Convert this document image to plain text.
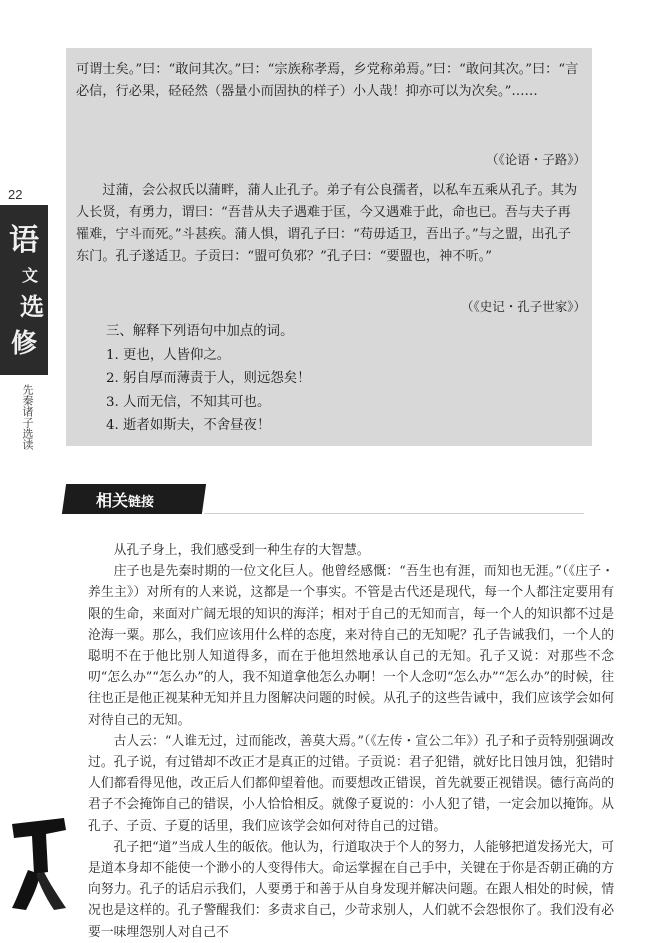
22
语
文
选
修
先秦诸子选读
可谓士矣。”曰：“敢问其次。”曰：“宗族称孝焉，乡党称弟焉。”曰：“敢问其次。”曰：“言必信，行必果，硁硁然（器量小而固执的样子）小人哉！抑亦可以为次矣。”……
（《论语・子路》）
过蒲，会公叔氏以蒲畔，蒲人止孔子。弟子有公良孺者，以私车五乘从孔子。其为人长贤，有勇力，谓曰：“吾昔从夫子遇难于匡，今又遇难于此，命也已。吾与夫子再罹难，宁斗而死。”斗甚疾。蒲人惧，谓孔子曰：“苟毋适卫，吾出子。”与之盟，出孔子东门。孔子遂适卫。子贡曰：“盟可负邪？”孔子曰：“要盟也，神不听。”
（《史记・孔子世家》）
三、解释下列语句中加点的词。
1. 更也，人皆仰之。
2. 躬自厚而薄责于人，则远怨矣！
3. 人而无信，不知其可也。
4. 逝者如斯夫，不舍昼夜！
相关链接

从孔子身上，我们感受到一种生存的大智慧。

庄子也是先秦时期的一位文化巨人。他曾经感慨：“吾生也有涯，而知也无涯。”（《庄子・养生主》）对所有的人来说，这都是一个事实。不管是古代还是现代，每一个人都注定要用有限的生命，来面对广阔无垠的知识的海洋；相对于自己的无知而言，每一个人的知识都不过是沧海一粟。那么，我们应该用什么样的态度，来对待自己的无知呢？孔子告诫我们，一个人的聪明不在于他比别人知道得多，而在于他坦然地承认自己的无知。孔子又说：对那些不念叨“怎么办”“怎么办”的人，我不知道拿他怎么办啊！一个人念叨“怎么办”“怎么办”的时候，往往也正是他正视某种无知并且力图解决问题的时候。从孔子的这些告诫中，我们应该学会如何对待自己的无知。

古人云：“人谁无过，过而能改，善莫大焉。”（《左传・宣公二年》）孔子和子贡特别强调改过。孔子说，有过错却不改正才是真正的过错。子贡说：君子犯错，就好比日蚀月蚀，犯错时人们都看得见他，改正后人们都仰望着他。而要想改正错误，首先就要正视错误。德行高尚的君子不会掩饰自己的错误，小人恰恰相反。就像子夏说的：小人犯了错，一定会加以掩饰。从孔子、子贡、子夏的话里，我们应该学会如何对待自己的过错。

孔子把“道”当成人生的皈依。他认为，行道取决于个人的努力，人能够把道发扬光大，可是道本身却不能使一个渺小的人变得伟大。命运掌握在自己手中，关键在于你是否朝正确的方向努力。孔子的话启示我们，人要勇于和善于从自身发现并解决问题。在跟人相处的时候，情况也是这样的。孔子警醒我们：多责求自己，少苛求别人，人们就不会怨恨你了。我们没有必要一味埋怨别人对自己不
